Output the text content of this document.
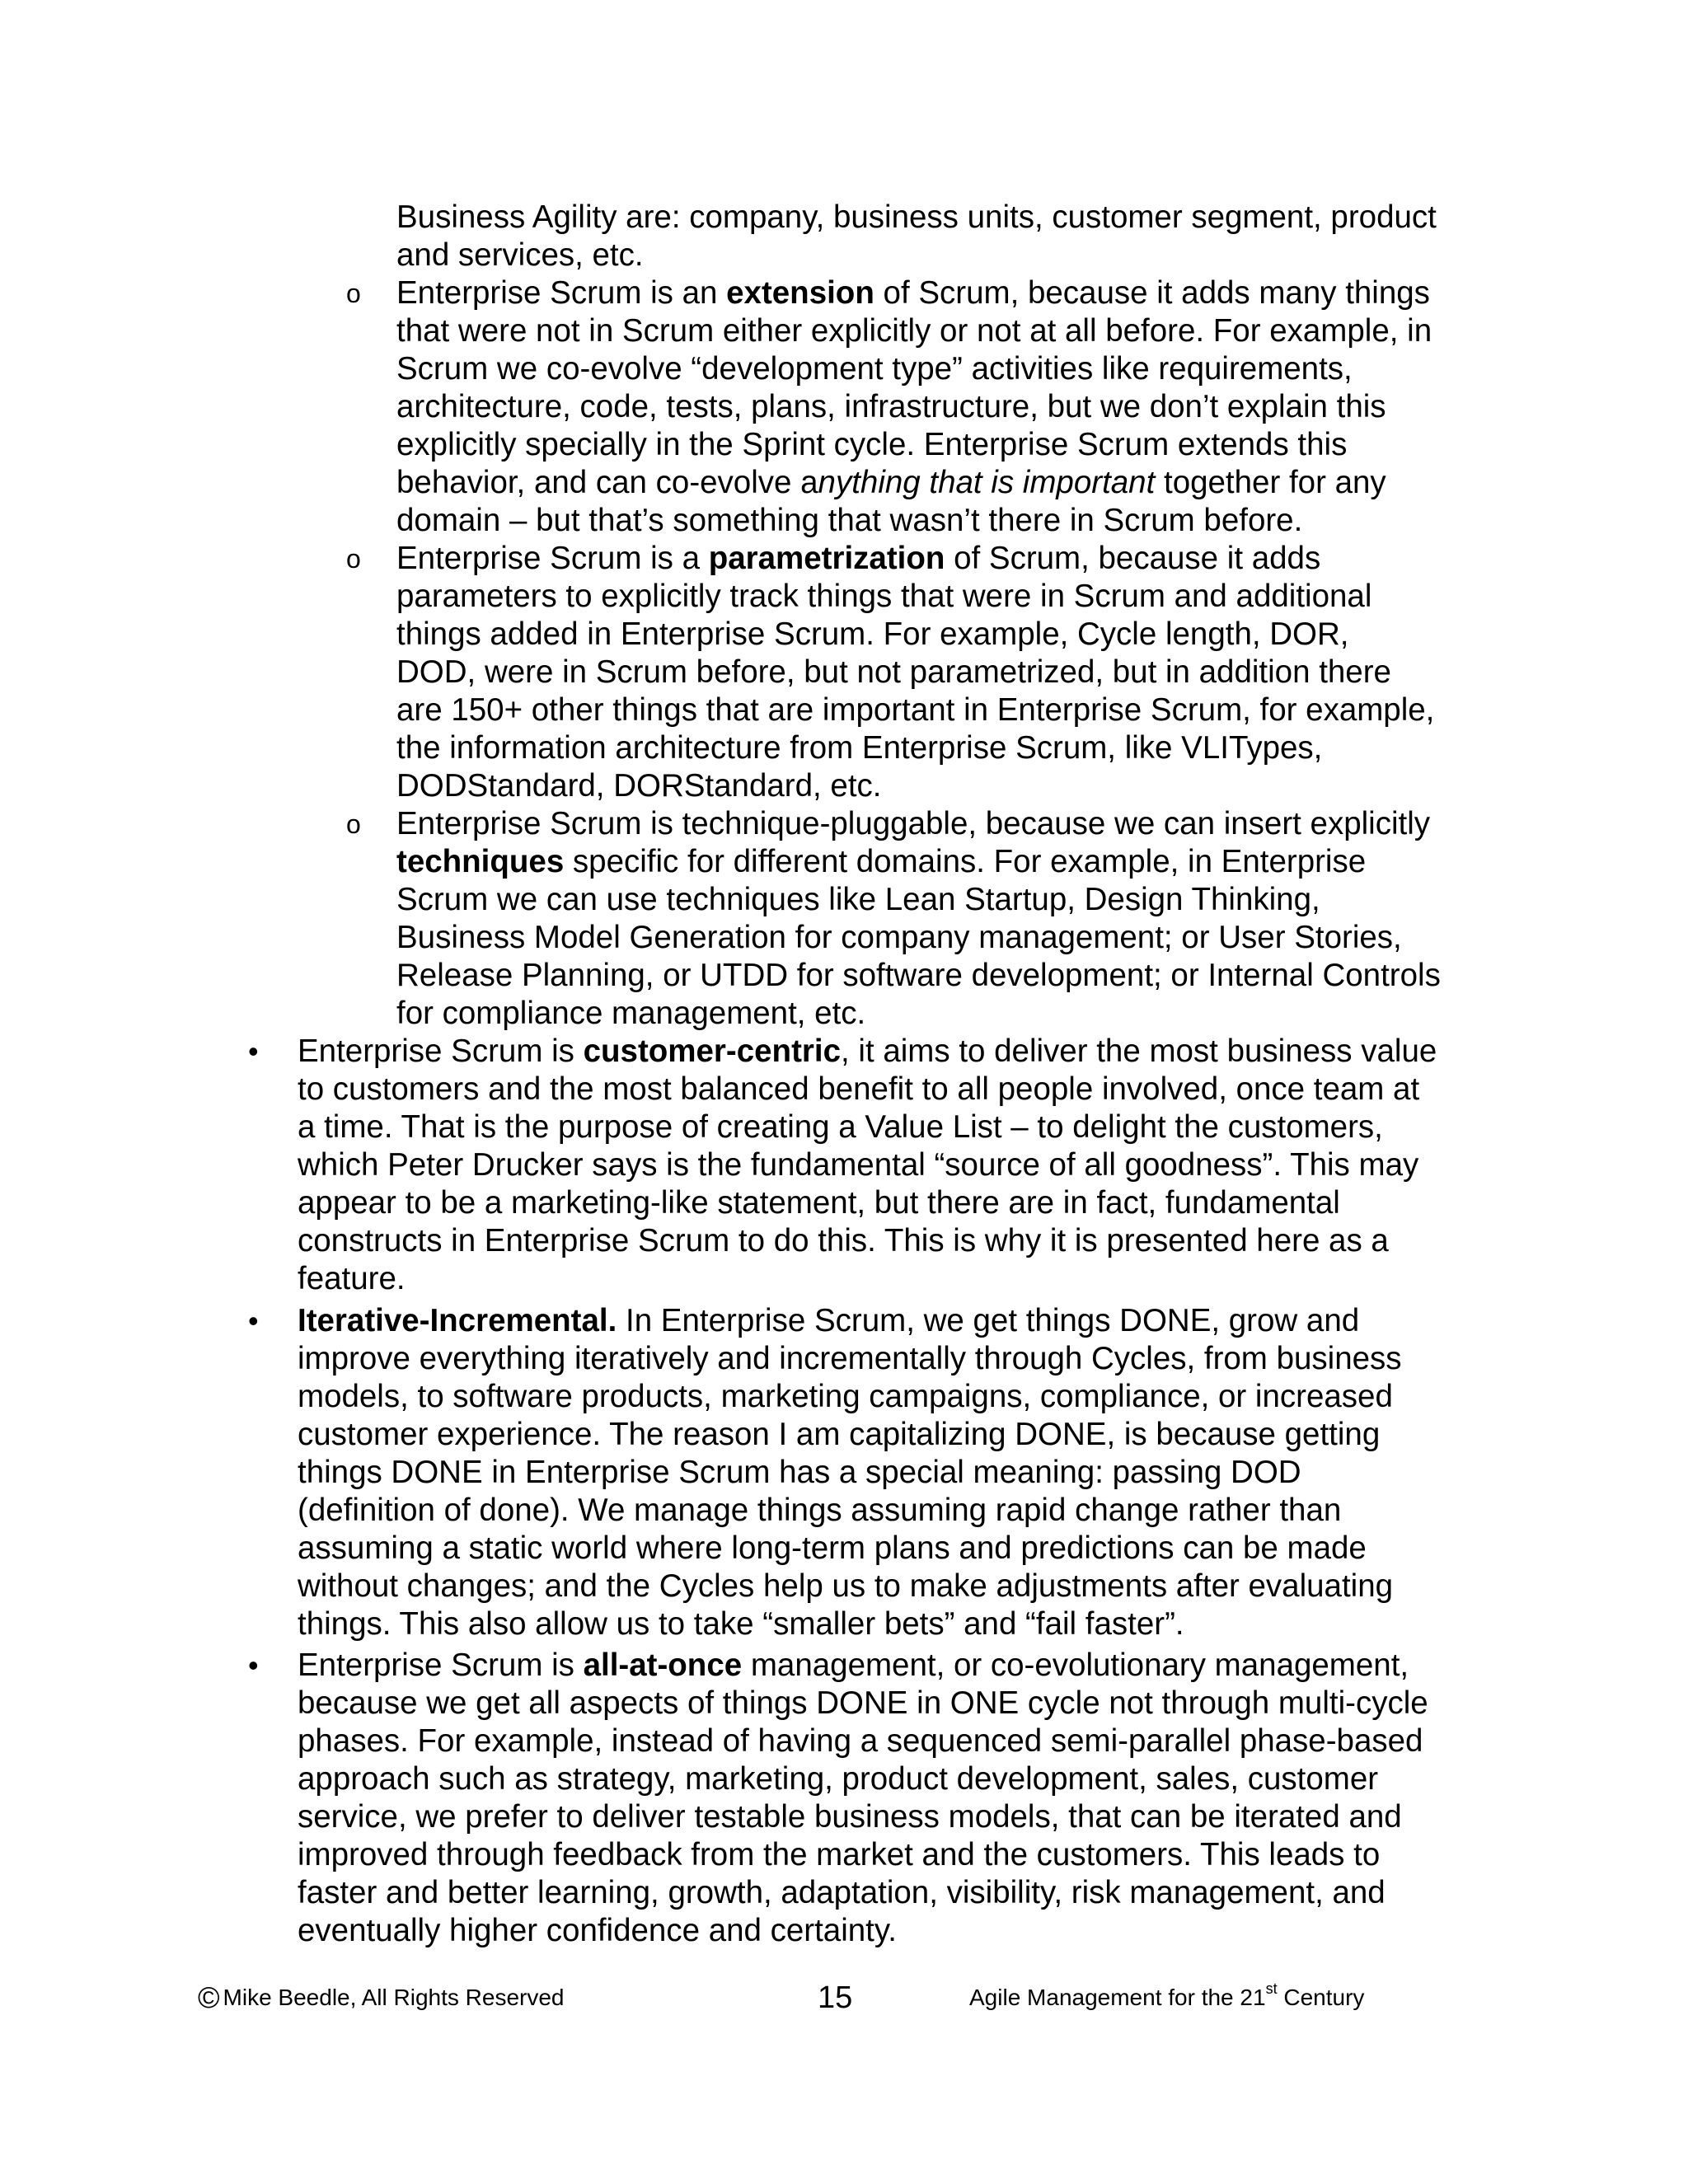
Business Agility are: company, business units, customer segment, product
and services, etc.
o Enterprise Scrum is an extension of Scrum, because it adds many things
that were not in Scrum either explicitly or not at all before. For example, in
Scrum we co-evolve “development type” activities like requirements,
architecture, code, tests, plans, infrastructure, but we don’t explain this
explicitly specially in the Sprint cycle. Enterprise Scrum extends this
behavior, and can co-evolve anything that is important together for any
domain – but that’s something that wasn’t there in Scrum before.
o Enterprise Scrum is a parametrization of Scrum, because it adds
parameters to explicitly track things that were in Scrum and additional
things added in Enterprise Scrum. For example, Cycle length, DOR,
DOD, were in Scrum before, but not parametrized, but in addition there
are 150+ other things that are important in Enterprise Scrum, for example,
the information architecture from Enterprise Scrum, like VLITypes,
DODStandard, DORStandard, etc.
o Enterprise Scrum is technique-pluggable, because we can insert explicitly
techniques specific for different domains. For example, in Enterprise
Scrum we can use techniques like Lean Startup, Design Thinking,
Business Model Generation for company management; or User Stories,
Release Planning, or UTDD for software development; or Internal Controls
for compliance management, etc.
• Enterprise Scrum is customer-centric, it aims to deliver the most business value
to customers and the most balanced benefit to all people involved, once team at
a time. That is the purpose of creating a Value List – to delight the customers,
which Peter Drucker says is the fundamental “source of all goodness”. This may
appear to be a marketing-like statement, but there are in fact, fundamental
constructs in Enterprise Scrum to do this. This is why it is presented here as a
feature.
• Iterative-Incremental. In Enterprise Scrum, we get things DONE, grow and
improve everything iteratively and incrementally through Cycles, from business
models, to software products, marketing campaigns, compliance, or increased
customer experience. The reason I am capitalizing DONE, is because getting
things DONE in Enterprise Scrum has a special meaning: passing DOD
(definition of done). We manage things assuming rapid change rather than
assuming a static world where long-term plans and predictions can be made
without changes; and the Cycles help us to make adjustments after evaluating
things. This also allow us to take “smaller bets” and “fail faster”.
• Enterprise Scrum is all-at-once management, or co-evolutionary management,
because we get all aspects of things DONE in ONE cycle not through multi-cycle
phases. For example, instead of having a sequenced semi-parallel phase-based
approach such as strategy, marketing, product development, sales, customer
service, we prefer to deliver testable business models, that can be iterated and
improved through feedback from the market and the customers. This leads to
faster and better learning, growth, adaptation, visibility, risk management, and
eventually higher confidence and certainty.
© Mike Beedle, All Rights Reserved	15	Agile Management for the 21st Century
